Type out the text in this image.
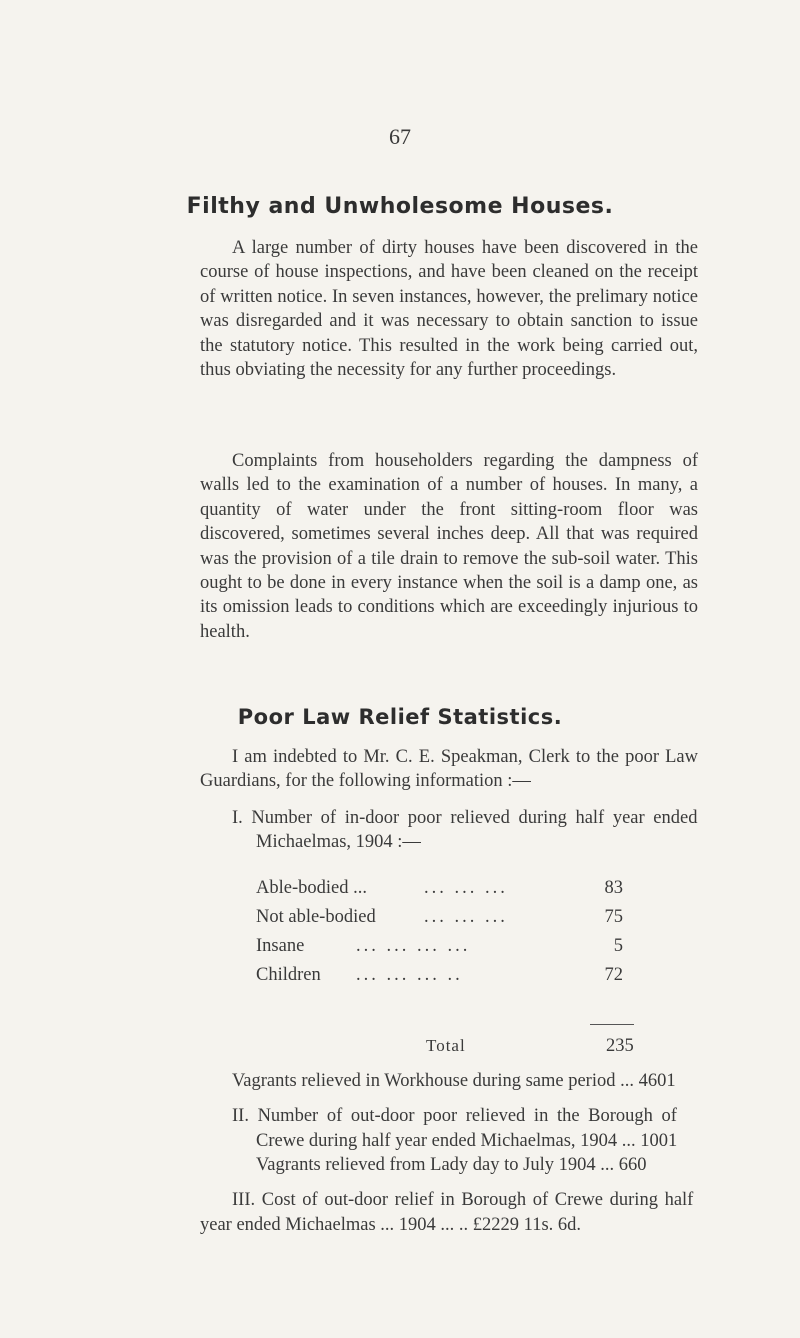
67
Filthy and Unwholesome Houses.

A large number of dirty houses have been discovered in the course of house inspections, and have been cleaned on the receipt of written notice. In seven instances, however, the prelimary notice was disregarded and it was necessary to obtain sanction to issue the statutory notice. This resulted in the work being carried out, thus obviating the necessity for any further proceedings.

Complaints from householders regarding the dampness of walls led to the examination of a number of houses. In many, a quantity of water under the front sitting-room floor was discovered, sometimes several inches deep. All that was required was the provision of a tile drain to remove the sub-soil water. This ought to be done in every instance when the soil is a damp one, as its omission leads to conditions which are exceedingly injurious to health.

Poor Law Relief Statistics.

I am indebted to Mr. C. E. Speakman, Clerk to the poor Law Guardians, for the following information :—

I. Number of in-door poor relieved during half year ended
Michaelmas, 1904 :—
Able-bodied ...	... ... ...	83
Not able-bodied	... ... ...	75
Insane	... ... ... ...	5
Children ... ... ... ..	72
Total	235
Vagrants relieved in Workhouse during same period ... 4601
II. Number of out-door poor relieved in the Borough of
Crewe during half year ended Michaelmas, 1904 ... 1001
Vagrants relieved from Lady day to July 1904 ... 660
III. Cost of out-door relief in Borough of Crewe during half
year ended Michaelmas ... 1904 ... .. £2229 11s. 6d.
